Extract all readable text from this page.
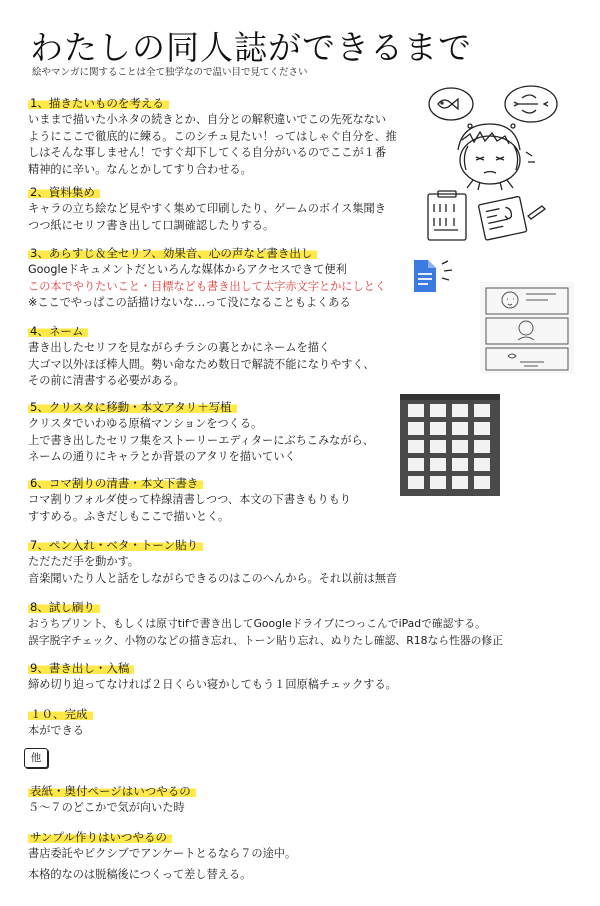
わたしの同人誌ができるまで
絵やマンガに関することは全て独学なので温い目で見てください
1、描きたいものを考える
いままで描いた小ネタの続きとか、自分との解釈違いでこの先死なない
ようにここで徹底的に練る。このシチュ見たい！ってはしゃぐ自分を、推
しはそんな事しません！ですぐ却下してくる自分がいるのでここが１番
精神的に辛い。なんとかしてすり合わせる。
2、資料集め
キャラの立ち絵など見やすく集めて印刷したり、ゲームのボイス集聞き
つつ紙にセリフ書き出して口調確認したりする。
3、あらすじ＆全セリフ、効果音、心の声など書き出し
Googleドキュメントだといろんな媒体からアクセスできて便利
この本でやりたいこと・目標なども書き出して太字赤文字とかにしとく
※ここでやっぱこの話描けないな…って没になることもよくある
4、ネーム
書き出したセリフを見ながらチラシの裏とかにネームを描く
大ゴマ以外ほぼ棒人間。勢い命なため数日で解読不能になりやすく、
その前に清書する必要がある。
5、クリスタに移動・本文アタリ＋写植
クリスタでいわゆる原稿マンションをつくる。
上で書き出したセリフ集をストーリーエディターにぶちこみながら、
ネームの通りにキャラとか背景のアタリを描いていく
6、コマ割りの清書・本文下書き
コマ割りフォルダ使って枠線清書しつつ、本文の下書きもりもり
すすめる。ふきだしもここで描いとく。
7、ペン入れ・ベタ・トーン貼り
ただただ手を動かす。
音楽聞いたり人と話をしながらできるのはこのへんから。それ以前は無音
8、試し刷り
おうちプリント、もしくは原寸tifで書き出してGoogleドライブにつっこんでiPadで確認する。
誤字脱字チェック、小物のなどの描き忘れ、トーン貼り忘れ、ぬりたし確認、R18なら性器の修正
9、書き出し・入稿
締め切り迫ってなければ２日くらい寝かしてもう１回原稿チェックする。
１０、完成
本ができる
他
表紙・奥付ページはいつやるの
５〜７のどこかで気が向いた時
サンプル作りはいつやるの
書店委託やピクシブでアンケートとるなら７の途中。
本格的なのは脱稿後につくって差し替える。
